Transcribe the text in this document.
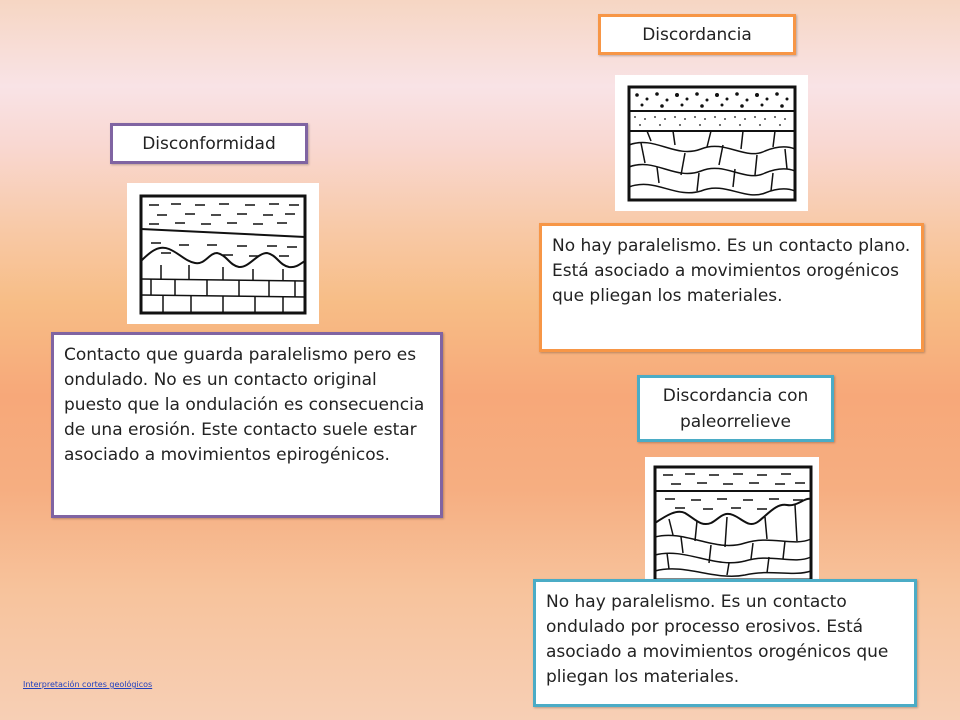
Disconformidad
Contacto que guarda paralelismo pero es ondulado. No es un contacto original puesto que la ondulación es consecuencia de una erosión. Este contacto suele estar asociado a movimientos epirogénicos.
Discordancia
No hay paralelismo. Es un contacto plano. Está asociado a movimientos orogénicos que pliegan los materiales.
Discordancia con paleorrelieve
No hay paralelismo. Es un contacto ondulado por processo erosivos. Está asociado a movimientos orogénicos que pliegan los materiales.
Interpretación cortes geológicos
